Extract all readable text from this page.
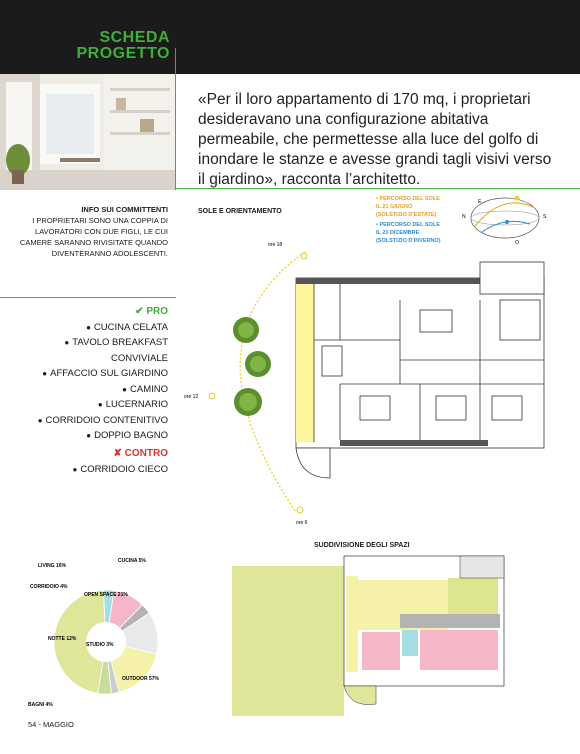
SCHEDA
PROGETTO
«Per il loro appartamento di 170 mq, i proprietari desideravano una configurazione abitativa permeabile, che permettesse alla luce del golfo di inondare le stanze e avesse grandi tagli visivi verso il giardino», racconta l’architetto.
INFO SUI COMMITTENTI
I PROPRIETARI SONO UNA COPPIA DI LAVORATORI CON DUE FIGLI, LE CUI CAMERE SARANNO RIVISITATE QUANDO DIVENTERANNO ADOLESCENTI.
✔ PRO
● CUCINA CELATA
● TAVOLO BREAKFAST CONVIVIALE
● AFFACCIO SUL GIARDINO
● CAMINO
● LUCERNARIO
● CORRIDOIO CONTENITIVO
● DOPPIO BAGNO
✘ CONTRO
● CORRIDOIO CIECO
SOLE E ORIENTAMENTO
• PERCORSO DEL SOLE
IL 21 GIUGNO
(SOLSTIZIO D'ESTATE)
• PERCORSO DEL SOLE
IL 21 DICEMBRE
(SOLSTIZIO D'INVERNO)
N	S
E
O
ore 18
ore 12
ore 6
SUDDIVISIONE DEGLI SPAZI
CUCINA 5%
LIVING 16%
CORRIDOIO 4%
OPEN SPACE 21%
NOTTE 12%
STUDIO 3%
OUTDOOR 57%
BAGNI 4%
54 - MAGGIO
